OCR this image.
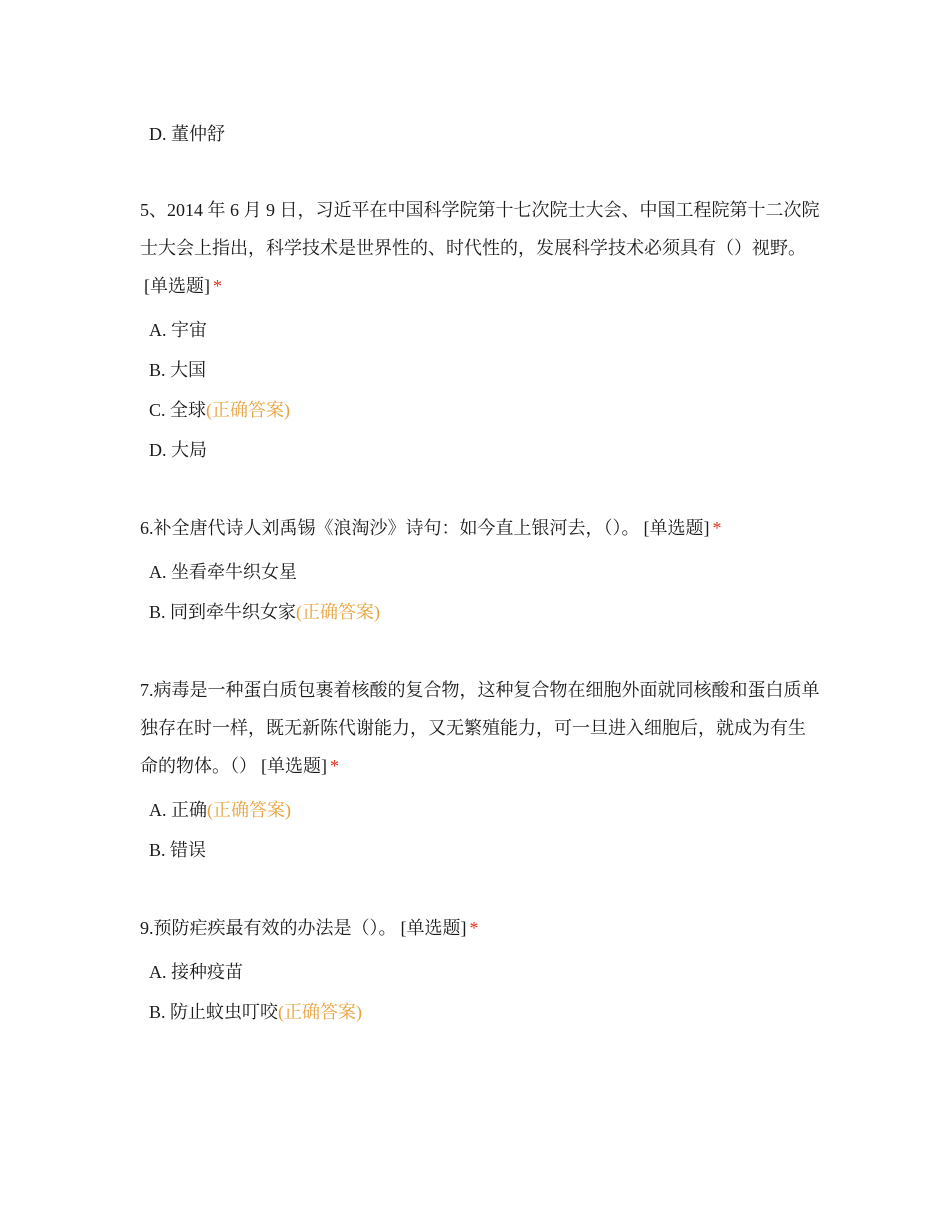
D. 董仲舒

5、2014 年 6 月 9 日，习近平在中国科学院第十七次院士大会、中国工程院第十二次院士大会上指出，科学技术是世界性的、时代性的，发展科学技术必须具有（）视野。[单选题] *

A. 宇宙
B. 大国
C. 全球(正确答案)
D. 大局

6.补全唐代诗人刘禹锡《浪淘沙》诗句：如今直上银河去，（）。 [单选题] *

A. 坐看牵牛织女星
B. 同到牵牛织女家(正确答案)

7.病毒是一种蛋白质包裹着核酸的复合物，这种复合物在细胞外面就同核酸和蛋白质单独存在时一样，既无新陈代谢能力，又无繁殖能力，可一旦进入细胞后，就成为有生命的物体。（） [单选题] *

A. 正确(正确答案)
B. 错误

9.预防疟疾最有效的办法是（）。 [单选题] *

A. 接种疫苗
B. 防止蚊虫叮咬(正确答案)
